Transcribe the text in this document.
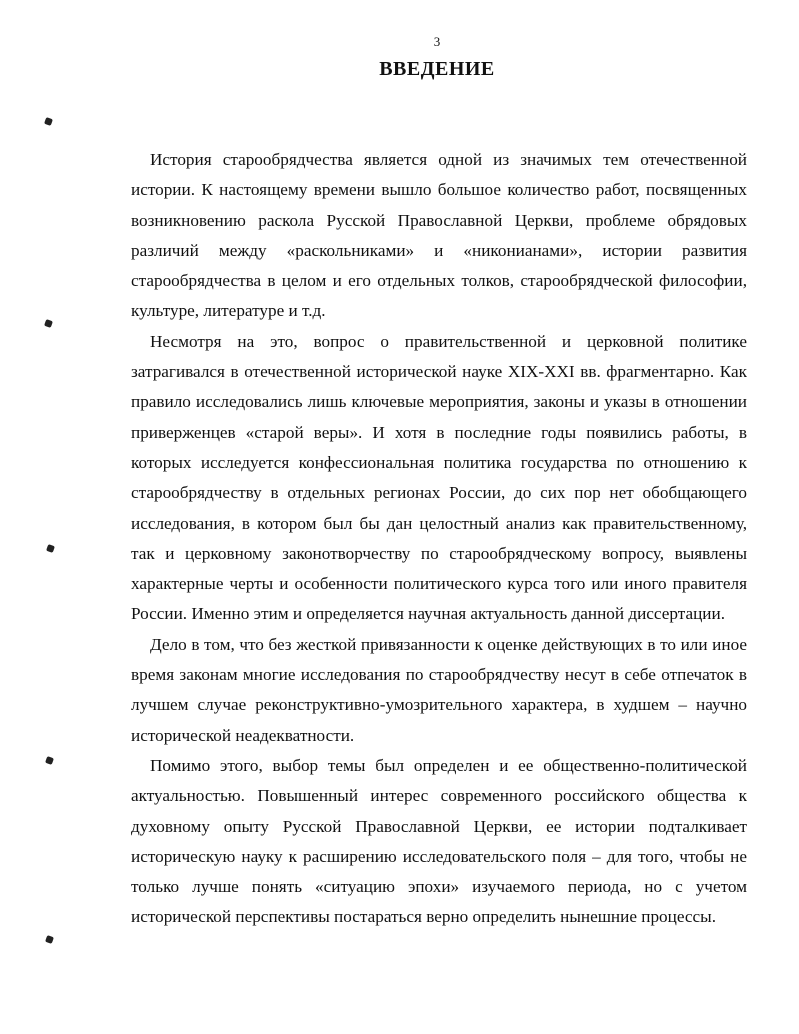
3
ВВЕДЕНИЕ

История старообрядчества является одной из значимых тем отечественной истории. К настоящему времени вышло большое количество работ, посвященных возникновению раскола Русской Православной Церкви, проблеме обрядовых различий между «раскольниками» и «никонианами», истории развития старообрядчества в целом и его отдельных толков, старообрядческой философии, культуре, литературе и т.д.

Несмотря на это, вопрос о правительственной и церковной политике затрагивался в отечественной исторической науке XIX-XXI вв. фрагментарно. Как правило исследовались лишь ключевые мероприятия, законы и указы в отношении приверженцев «старой веры». И хотя в последние годы появились работы, в которых исследуется конфессиональная политика государства по отношению к старообрядчеству в отдельных регионах России, до сих пор нет обобщающего исследования, в котором был бы дан целостный анализ как правительственному, так и церковному законотворчеству по старообрядческому вопросу, выявлены характерные черты и особенности политического курса того или иного правителя России. Именно этим и определяется научная актуальность данной диссертации.

Дело в том, что без жесткой привязанности к оценке действующих в то или иное время законам многие исследования по старообрядчеству несут в себе отпечаток в лучшем случае реконструктивно-умозрительного характера, в худшем – научно исторической неадекватности.

Помимо этого, выбор темы был определен и ее общественно-политической актуальностью. Повышенный интерес современного российского общества к духовному опыту Русской Православной Церкви, ее истории подталкивает историческую науку к расширению исследовательского поля – для того, чтобы не только лучше понять «ситуацию эпохи» изучаемого периода, но с учетом исторической перспективы постараться верно определить нынешние процессы.
